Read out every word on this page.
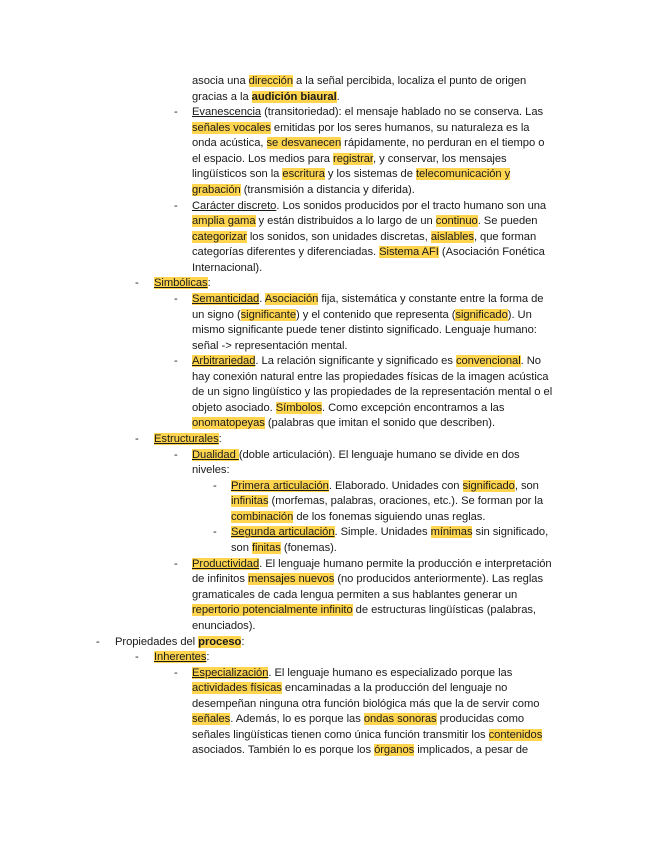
asocia una dirección a la señal percibida, localiza el punto de origen
gracias a la audición biaural.
- Evanescencia (transitoriedad): el mensaje hablado no se conserva. Las
señales vocales emitidas por los seres humanos, su naturaleza es la
onda acústica, se desvanecen rápidamente, no perduran en el tiempo o
el espacio. Los medios para registrar, y conservar, los mensajes
lingüísticos son la escritura y los sistemas de telecomunicación y
grabación (transmisión a distancia y diferida).
- Carácter discreto. Los sonidos producidos por el tracto humano son una
amplia gama y están distribuidos a lo largo de un continuo. Se pueden
categorizar los sonidos, son unidades discretas, aislables, que forman
categorías diferentes y diferenciadas. Sistema AFI (Asociación Fonética
Internacional).
- Simbólicas:
- Semanticidad. Asociación fija, sistemática y constante entre la forma de
un signo (significante) y el contenido que representa (significado). Un
mismo significante puede tener distinto significado. Lenguaje humano:
señal -> representación mental.
- Arbitrariedad. La relación significante y significado es convencional. No
hay conexión natural entre las propiedades físicas de la imagen acústica
de un signo lingüístico y las propiedades de la representación mental o el
objeto asociado. Símbolos. Como excepción encontramos a las
onomatopeyas (palabras que imitan el sonido que describen).
- Estructurales:
- Dualidad (doble articulación). El lenguaje humano se divide en dos
niveles:
- Primera articulación. Elaborado. Unidades con significado, son
infinitas (morfemas, palabras, oraciones, etc.). Se forman por la
combinación de los fonemas siguiendo unas reglas.
- Segunda articulación. Simple. Unidades mínimas sin significado,
son finitas (fonemas).
- Productividad. El lenguaje humano permite la producción e interpretación
de infinitos mensajes nuevos (no producidos anteriormente). Las reglas
gramaticales de cada lengua permiten a sus hablantes generar un
repertorio potencialmente infinito de estructuras lingüísticas (palabras,
enunciados).
- Propiedades del proceso:
- Inherentes:
- Especialización. El lenguaje humano es especializado porque las
actividades físicas encaminadas a la producción del lenguaje no
desempeñan ninguna otra función biológica más que la de servir como
señales. Además, lo es porque las ondas sonoras producidas como
señales lingüísticas tienen como única función transmitir los contenidos
asociados. También lo es porque los órganos implicados, a pesar de
